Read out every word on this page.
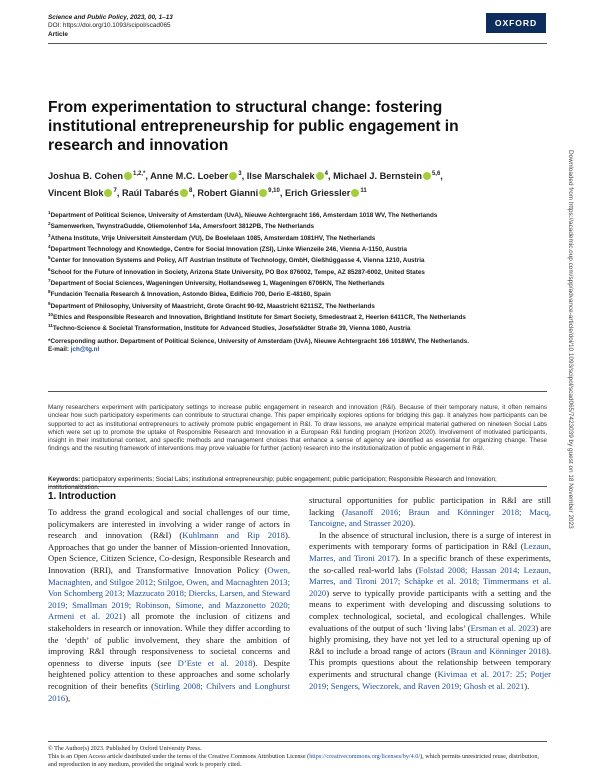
Science and Public Policy, 2023, 00, 1–13
DOI: https://doi.org/10.1093/scipol/scad065
Article
OXFORD
From experimentation to structural change: fostering institutional entrepreneurship for public engagement in research and innovation
Joshua B. Cohen $^{1,2,*}$, Anne M.C. Loeber $^3$, Ilse Marschalek $^4$, Michael J. Bernstein $^{5,6}$,
Vincent Blok $^7$, Raúl Tabarés $^8$, Robert Gianni $^{9,10}$, Erich Griessler $^{11}$
$^1$Department of Political Science, University of Amsterdam (UvA), Nieuwe Achtergracht 166, Amsterdam 1018 WV, The Netherlands
$^2$Samenwerken, TwynstraGudde, Oliemolenhof 14a, Amersfoort 3812PB, The Netherlands
$^3$Athena Institute, Vrije Universiteit Amsterdam (VU), De Boelelaan 1085, Amsterdam 1081HV, The Netherlands
$^4$Department Technology and Knowledge, Centre for Social Innovation (ZSI), Linke Wienzeile 246, Vienna A-1150, Austria
$^5$Center for Innovation Systems and Policy, AIT Austrian Institute of Technology, GmbH, Gießhüggasse 4, Vienna 1210, Austria
$^6$School for the Future of Innovation in Society, Arizona State University, PO Box 876002, Tempe, AZ 85287-6002, United States
$^7$Department of Social Sciences, Wageningen University, Hollandseweg 1, Wageningen 6706KN, The Netherlands
$^8$Fundación Tecnalia Research & Innovation, Astondo Bidea, Edificio 700, Derio E-48160, Spain
$^9$Department of Philosophy, University of Maastricht, Grote Gracht 90-92, Maastricht 6211SZ, The Netherlands
$^{10}$Ethics and Responsible Research and Innovation, Brightland Institute for Smart Society, Smedestraat 2, Heerlen 6411CR, The Netherlands
$^{11}$Techno-Science & Societal Transformation, Institute for Advanced Studies, Josefstädter Straße 39, Vienna 1080, Austria
*Corresponding author. Department of Political Science, University of Amsterdam (UvA), Nieuwe Achtergracht 166 1018WV, The Netherlands.
E-mail: jch@tg.nl
Many researchers experiment with participatory settings to increase public engagement in research and innovation (R&I). Because of their temporary nature, it often remains unclear how such participatory experiments can contribute to structural change. This paper empirically explores options for bridging this gap. It analyzes how participants can be supported to act as institutional entrepreneurs to actively promote public engagement in R&I. To draw lessons, we analyze empirical material gathered on nineteen Social Labs which were set up to promote the uptake of Responsible Research and Innovation in a European R&I funding program (Horizon 2020). Involvement of motivated participants, insight in their institutional context, and specific methods and management choices that enhance a sense of agency are identified as essential for organizing change. These findings and the resulting framework of interventions may prove valuable for further (action) research into the institutionalization of public engagement in R&I.
Keywords: participatory experiments; Social Labs; institutional entrepreneurship; public engagement; public participation; Responsible Research and Innovation; institutionalization.
1. Introduction

To address the grand ecological and social challenges of our time, policymakers are interested in involving a wider range of actors in research and innovation (R&I) (Kuhlmann and Rip 2018). Approaches that go under the banner of Mission-oriented Innovation, Open Science, Citizen Science, Co-design, Responsible Research and Innovation (RRI), and Transformative Innovation Policy (Owen, Macnaghten, and Stilgoe 2012; Stilgoe, Owen, and Macnaghten 2013; Von Schomberg 2013; Mazzucato 2018; Diercks, Larsen, and Steward 2019; Smallman 2019; Robinson, Simone, and Mazzonetto 2020; Armeni et al. 2021) all promote the inclusion of citizens and stakeholders in research or innovation. While they differ according to the ‘depth’ of public involvement, they share the ambition of improving R&I through responsiveness to societal concerns and openness to diverse inputs (see D’Este et al. 2018). Despite heightened policy attention to these approaches and some scholarly recognition of their benefits (Stirling 2008; Chilvers and Longhurst 2016),

structural opportunities for public participation in R&I are still lacking (Jasanoff 2016; Braun and Könninger 2018; Macq, Tancoigne, and Strasser 2020).

In the absence of structural inclusion, there is a surge of interest in experiments with temporary forms of participation in R&I (Lezaun, Marres, and Tironi 2017). In a specific branch of these experiments, the so-called real-world labs (Folstad 2008; Hassan 2014; Lezaun, Marres, and Tironi 2017; Schäpke et al. 2018; Timmermans et al. 2020) serve to typically provide participants with a setting and the means to experiment with developing and discussing solutions to complex technological, societal, and ecological challenges. While evaluations of the output of such ‘living labs’ (Ersman et al. 2023) are highly promising, they have not yet led to a structural opening up of R&I to include a broad range of actors (Braun and Könninger 2018). This prompts questions about the relationship between temporary experiments and structural change (Kivimaa et al. 2017: 25; Potjer 2019; Sengers, Wieczorek, and Raven 2019; Ghosh et al. 2021).

© The Author(s) 2023. Published by Oxford University Press.
This is an Open Access article distributed under the terms of the Creative Commons Attribution License (https://creativecommons.org/licenses/by/4.0/), which permits unrestricted reuse, distribution, and reproduction in any medium, provided the original work is properly cited.
Downloaded from https://academic.oup.com/spp/advance-article/doi/10.1093/scipol/scad065/7423039 by guest on 18 November 2023
